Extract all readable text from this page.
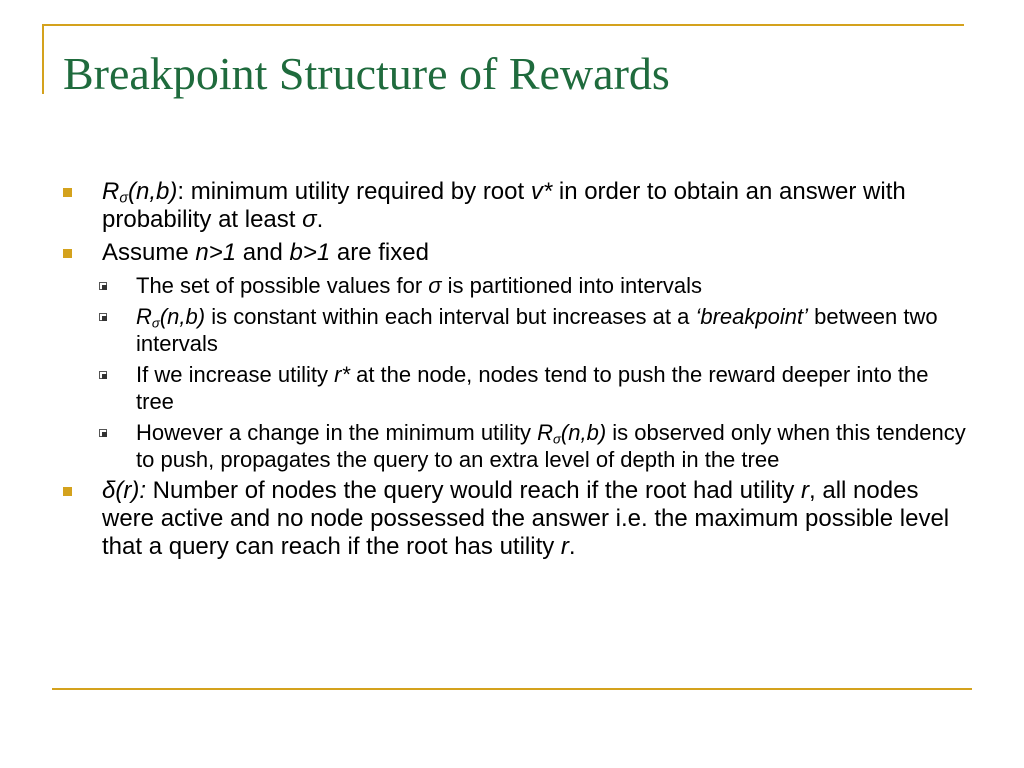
Breakpoint Structure of Rewards
$R_\sigma(n,b)$: minimum utility required by root v* in order to obtain an answer with probability at least σ.
Assume n>1 and b>1 are fixed
The set of possible values for σ is partitioned into intervals
$R_\sigma(n,b)$ is constant within each interval but increases at a ‘breakpoint’ between two intervals
If we increase utility r* at the node, nodes tend to push the reward deeper into the tree
However a change in the minimum utility $R_\sigma(n,b)$ is observed only when this tendency to push, propagates the query to an extra level of depth in the tree
δ(r): Number of nodes the query would reach if the root had utility r, all nodes were active and no node possessed the answer i.e. the maximum possible level that a query can reach if the root has utility r.
